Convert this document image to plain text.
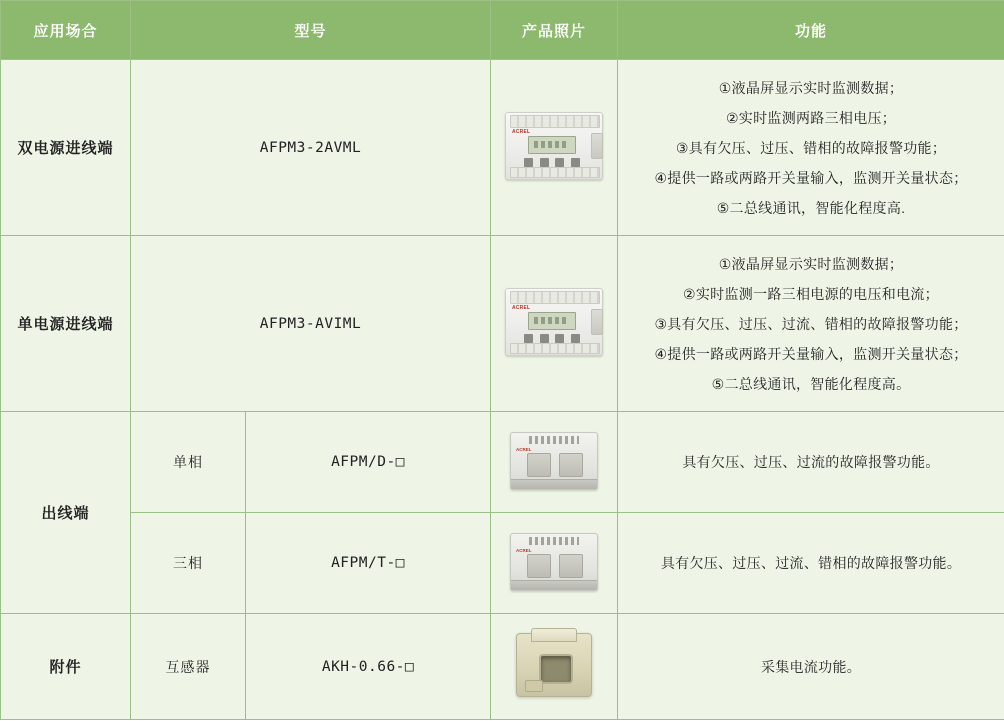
应用场合	型号		产品照片	功能
双电源进线端	AFPM3-2AVML		ACREL	①液晶屏显示实时监测数据；
②实时监测两路三相电压；
③具有欠压、过压、错相的故障报警功能；
④提供一路或两路开关量输入，监测开关量状态；
⑤二总线通讯，智能化程度高.

单电源进线端	AFPM3-AVIML		ACREL	①液晶屏显示实时监测数据；
②实时监测一路三相电源的电压和电流；
③具有欠压、过压、过流、错相的故障报警功能；
④提供一路或两路开关量输入，监测开关量状态；
⑤二总线通讯，智能化程度高。

出线端	单相	AFPM/D-□	ACREL	具有欠压、过压、过流的故障报警功能。

	三相	AFPM/T-□	ACREL	具有欠压、过压、过流、错相的故障报警功能。

附件	互感器	AKH-0.66-□		采集电流功能。
